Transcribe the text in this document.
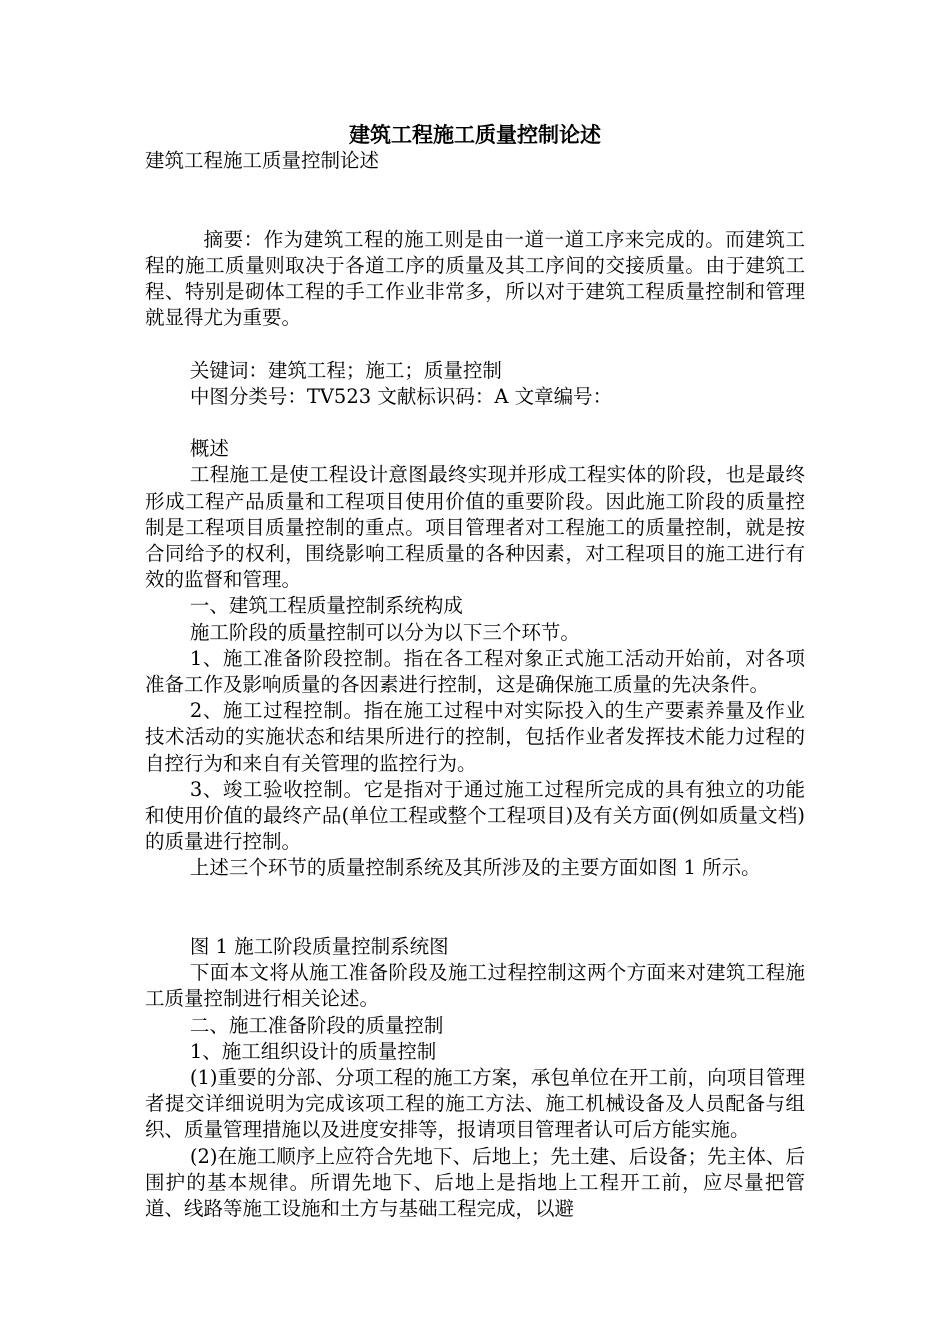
建筑工程施工质量控制论述

建筑工程施工质量控制论述

摘要：作为建筑工程的施工则是由一道一道工序来完成的。而建筑工程的施工质量则取决于各道工序的质量及其工序间的交接质量。由于建筑工程、特别是砌体工程的手工作业非常多，所以对于建筑工程质量控制和管理就显得尤为重要。

关键词：建筑工程；施工；质量控制

中图分类号：TV523 文献标识码：A 文章编号：

概述

工程施工是使工程设计意图最终实现并形成工程实体的阶段，也是最终形成工程产品质量和工程项目使用价值的重要阶段。因此施工阶段的质量控制是工程项目质量控制的重点。项目管理者对工程施工的质量控制，就是按合同给予的权利，围绕影响工程质量的各种因素，对工程项目的施工进行有效的监督和管理。

一、建筑工程质量控制系统构成

施工阶段的质量控制可以分为以下三个环节。

1、施工准备阶段控制。指在各工程对象正式施工活动开始前，对各项准备工作及影响质量的各因素进行控制，这是确保施工质量的先决条件。

2、施工过程控制。指在施工过程中对实际投入的生产要素养量及作业技术活动的实施状态和结果所进行的控制，包括作业者发挥技术能力过程的自控行为和来自有关管理的监控行为。

3、竣工验收控制。它是指对于通过施工过程所完成的具有独立的功能和使用价值的最终产品(单位工程或整个工程项目)及有关方面(例如质量文档)的质量进行控制。

上述三个环节的质量控制系统及其所涉及的主要方面如图 1 所示。

图 1 施工阶段质量控制系统图

下面本文将从施工准备阶段及施工过程控制这两个方面来对建筑工程施工质量控制进行相关论述。

二、施工准备阶段的质量控制

1、施工组织设计的质量控制

(1)重要的分部、分项工程的施工方案，承包单位在开工前，向项目管理者提交详细说明为完成该项工程的施工方法、施工机械设备及人员配备与组织、质量管理措施以及进度安排等，报请项目管理者认可后方能实施。

(2)在施工顺序上应符合先地下、后地上；先土建、后设备；先主体、后围护的基本规律。所谓先地下、后地上是指地上工程开工前，应尽量把管道、线路等施工设施和土方与基础工程完成，以避
